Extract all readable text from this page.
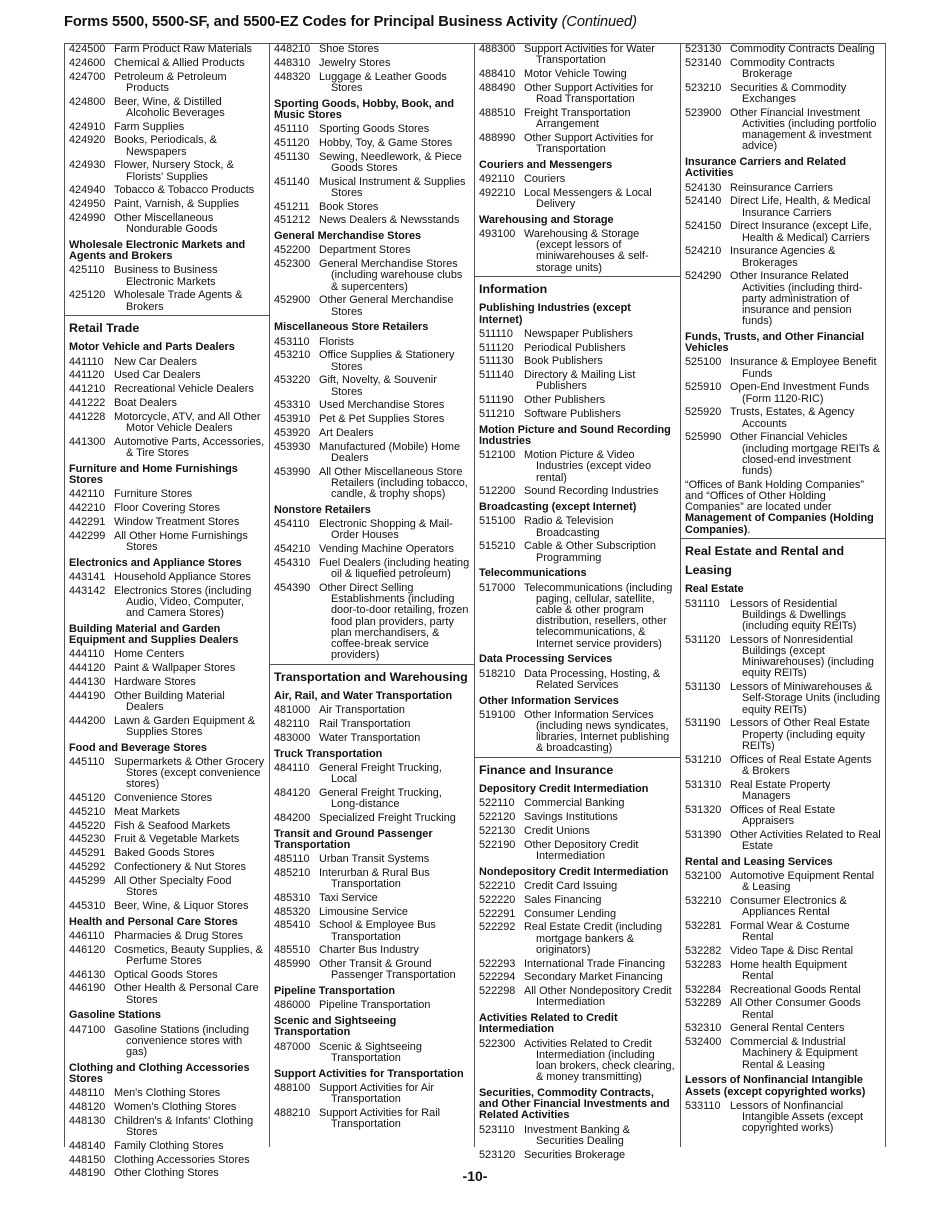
Forms 5500, 5500-SF, and 5500-EZ Codes for Principal Business Activity (Continued)
424500 Farm Product Raw Materials
424600 Chemical & Allied Products
424700 Petroleum & Petroleum Products
424800 Beer, Wine, & Distilled Alcoholic Beverages
424910 Farm Supplies
424920 Books, Periodicals, & Newspapers
424930 Flower, Nursery Stock, & Florists' Supplies
424940 Tobacco & Tobacco Products
424950 Paint, Varnish, & Supplies
424990 Other Miscellaneous Nondurable Goods
Wholesale Electronic Markets and Agents and Brokers
425110 Business to Business Electronic Markets
425120 Wholesale Trade Agents & Brokers
Retail Trade
Motor Vehicle and Parts Dealers
441110 New Car Dealers
441120 Used Car Dealers
441210 Recreational Vehicle Dealers
441222 Boat Dealers
441228 Motorcycle, ATV, and All Other Motor Vehicle Dealers
441300 Automotive Parts, Accessories, & Tire Stores
Furniture and Home Furnishings Stores
442110 Furniture Stores
442210 Floor Covering Stores
442291 Window Treatment Stores
442299 All Other Home Furnishings Stores
Electronics and Appliance Stores
443141 Household Appliance Stores
443142 Electronics Stores (including Audio, Video, Computer, and Camera Stores)
Building Material and Garden Equipment and Supplies Dealers
444110 Home Centers
444120 Paint & Wallpaper Stores
444130 Hardware Stores
444190 Other Building Material Dealers
444200 Lawn & Garden Equipment & Supplies Stores
Food and Beverage Stores
445110 Supermarkets & Other Grocery Stores (except convenience stores)
445120 Convenience Stores
445210 Meat Markets
445220 Fish & Seafood Markets
445230 Fruit & Vegetable Markets
445291 Baked Goods Stores
445292 Confectionery & Nut Stores
445299 All Other Specialty Food Stores
445310 Beer, Wine, & Liquor Stores
Health and Personal Care Stores
446110 Pharmacies & Drug Stores
446120 Cosmetics, Beauty Supplies, & Perfume Stores
446130 Optical Goods Stores
446190 Other Health & Personal Care Stores
Gasoline Stations
447100 Gasoline Stations (including convenience stores with gas)
Clothing and Clothing Accessories Stores
448110 Men's Clothing Stores
448120 Women's Clothing Stores
448130 Children's & Infants' Clothing Stores
448140 Family Clothing Stores
448150 Clothing Accessories Stores
448190 Other Clothing Stores
448210 Shoe Stores
448310 Jewelry Stores
448320 Luggage & Leather Goods Stores
Sporting Goods, Hobby, Book, and Music Stores
451110 Sporting Goods Stores
451120 Hobby, Toy, & Game Stores
451130 Sewing, Needlework, & Piece Goods Stores
451140 Musical Instrument & Supplies Stores
451211 Book Stores
451212 News Dealers & Newsstands
General Merchandise Stores
452200 Department Stores
452300 General Merchandise Stores (including warehouse clubs & supercenters)
452900 Other General Merchandise Stores
Miscellaneous Store Retailers
453110 Florists
453210 Office Supplies & Stationery Stores
453220 Gift, Novelty, & Souvenir Stores
453310 Used Merchandise Stores
453910 Pet & Pet Supplies Stores
453920 Art Dealers
453930 Manufactured (Mobile) Home Dealers
453990 All Other Miscellaneous Store Retailers (including tobacco, candle, & trophy shops)
Nonstore Retailers
454110 Electronic Shopping & Mail-Order Houses
454210 Vending Machine Operators
454310 Fuel Dealers (including heating oil & liquefied petroleum)
454390 Other Direct Selling Establishments (including door-to-door retailing, frozen food plan providers, party plan merchandisers, & coffee-break service providers)
Transportation and Warehousing
Air, Rail, and Water Transportation
481000 Air Transportation
482110 Rail Transportation
483000 Water Transportation
Truck Transportation
484110 General Freight Trucking, Local
484120 General Freight Trucking, Long-distance
484200 Specialized Freight Trucking
Transit and Ground Passenger Transportation
485110 Urban Transit Systems
485210 Interurban & Rural Bus Transportation
485310 Taxi Service
485320 Limousine Service
485410 School & Employee Bus Transportation
485510 Charter Bus Industry
485990 Other Transit & Ground Passenger Transportation
Pipeline Transportation
486000 Pipeline Transportation
Scenic and Sightseeing Transportation
487000 Scenic & Sightseeing Transportation
Support Activities for Transportation
488100 Support Activities for Air Transportation
488210 Support Activities for Rail Transportation
488300 Support Activities for Water Transportation
488410 Motor Vehicle Towing
488490 Other Support Activities for Road Transportation
488510 Freight Transportation Arrangement
488990 Other Support Activities for Transportation
Couriers and Messengers
492110 Couriers
492210 Local Messengers & Local Delivery
Warehousing and Storage
493100 Warehousing & Storage (except lessors of miniwarehouses & self-storage units)
Information
Publishing Industries (except Internet)
511110	Newspaper Publishers
511120 Periodical Publishers
511130 Book Publishers
511140 Directory & Mailing List Publishers
511190 Other Publishers
511210 Software Publishers
Motion Picture and Sound Recording Industries
512100 Motion Picture & Video Industries (except video rental)
512200 Sound Recording Industries
Broadcasting (except Internet)
515100 Radio & Television Broadcasting
515210 Cable & Other Subscription Programming
Telecommunications
517000 Telecommunications (including paging, cellular, satellite, cable & other program distribution, resellers, other telecommunications, & Internet service providers)
Data Processing Services
518210 Data Processing, Hosting, & Related Services
Other Information Services
519100 Other Information Services (including news syndicates, libraries, Internet publishing & broadcasting)
Finance and Insurance
Depository Credit Intermediation
522110 Commercial Banking
522120 Savings Institutions
522130 Credit Unions
522190 Other Depository Credit Intermediation
Nondepository Credit Intermediation
522210 Credit Card Issuing
522220 Sales Financing
522291 Consumer Lending
522292 Real Estate Credit (including mortgage bankers & originators)
522293 International Trade Financing
522294 Secondary Market Financing
522298 All Other Nondepository Credit Intermediation
Activities Related to Credit Intermediation
522300 Activities Related to Credit Intermediation (including loan brokers, check clearing, & money transmitting)
Securities, Commodity Contracts, and Other Financial Investments and Related Activities
523110 Investment Banking & Securities Dealing
523120 Securities Brokerage
523130 Commodity Contracts Dealing
523140 Commodity Contracts Brokerage
523210 Securities & Commodity Exchanges
523900 Other Financial Investment Activities (including portfolio management & investment advice)
Insurance Carriers and Related Activities
524130 Reinsurance Carriers
524140 Direct Life, Health, & Medical Insurance Carriers
524150 Direct Insurance (except Life, Health & Medical) Carriers
524210 Insurance Agencies & Brokerages
524290 Other Insurance Related Activities (including third-party administration of insurance and pension funds)
Funds, Trusts, and Other Financial Vehicles
525100 Insurance & Employee Benefit Funds
525910 Open-End Investment Funds (Form 1120-RIC)
525920 Trusts, Estates, & Agency Accounts
525990 Other Financial Vehicles (including mortgage REITs & closed-end investment funds)
“Offices of Bank Holding Companies” and “Offices of Other Holding Companies” are located under Management of Companies (Holding Companies).
Real Estate and Rental and Leasing
Real Estate
531110 Lessors of Residential Buildings & Dwellings (including equity REITs)
531120 Lessors of Nonresidential Buildings (except Miniwarehouses) (including equity REITs)
531130 Lessors of Miniwarehouses & Self-Storage Units (including equity REITs)
531190 Lessors of Other Real Estate Property (including equity REITs)
531210 Offices of Real Estate Agents & Brokers
531310 Real Estate Property Managers
531320 Offices of Real Estate Appraisers
531390 Other Activities Related to Real Estate
Rental and Leasing Services
532100 Automotive Equipment Rental & Leasing
532210 Consumer Electronics & Appliances Rental
532281 Formal Wear & Costume Rental
532282 Video Tape & Disc Rental
532283 Home health Equipment Rental
532284 Recreational Goods Rental
532289 All Other Consumer Goods Rental
532310 General Rental Centers
532400 Commercial & Industrial Machinery & Equipment Rental & Leasing
Lessors of Nonfinancial Intangible Assets (except copyrighted works)
533110 Lessors of Nonfinancial Intangible Assets (except copyrighted works)
-10-
